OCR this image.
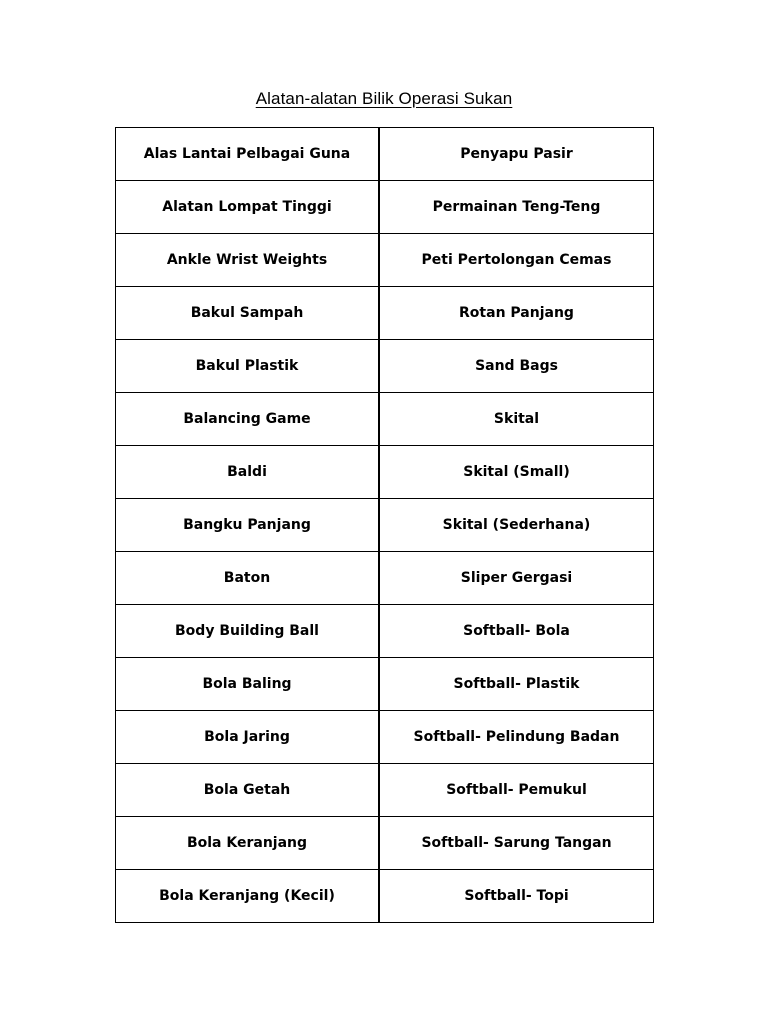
Alatan-alatan Bilik Operasi Sukan
Alas Lantai Pelbagai Guna
Alatan Lompat Tinggi
Ankle Wrist Weights
Bakul Sampah
Bakul Plastik
Balancing Game
Baldi
Bangku Panjang
Baton
Body Building Ball
Bola Baling
Bola Jaring
Bola Getah
Bola Keranjang
Bola Keranjang (Kecil)
Penyapu Pasir
Permainan Teng-Teng
Peti Pertolongan Cemas
Rotan Panjang
Sand Bags
Skital
Skital (Small)
Skital (Sederhana)
Sliper Gergasi
Softball- Bola
Softball- Plastik
Softball- Pelindung Badan
Softball- Pemukul
Softball- Sarung Tangan
Softball- Topi
